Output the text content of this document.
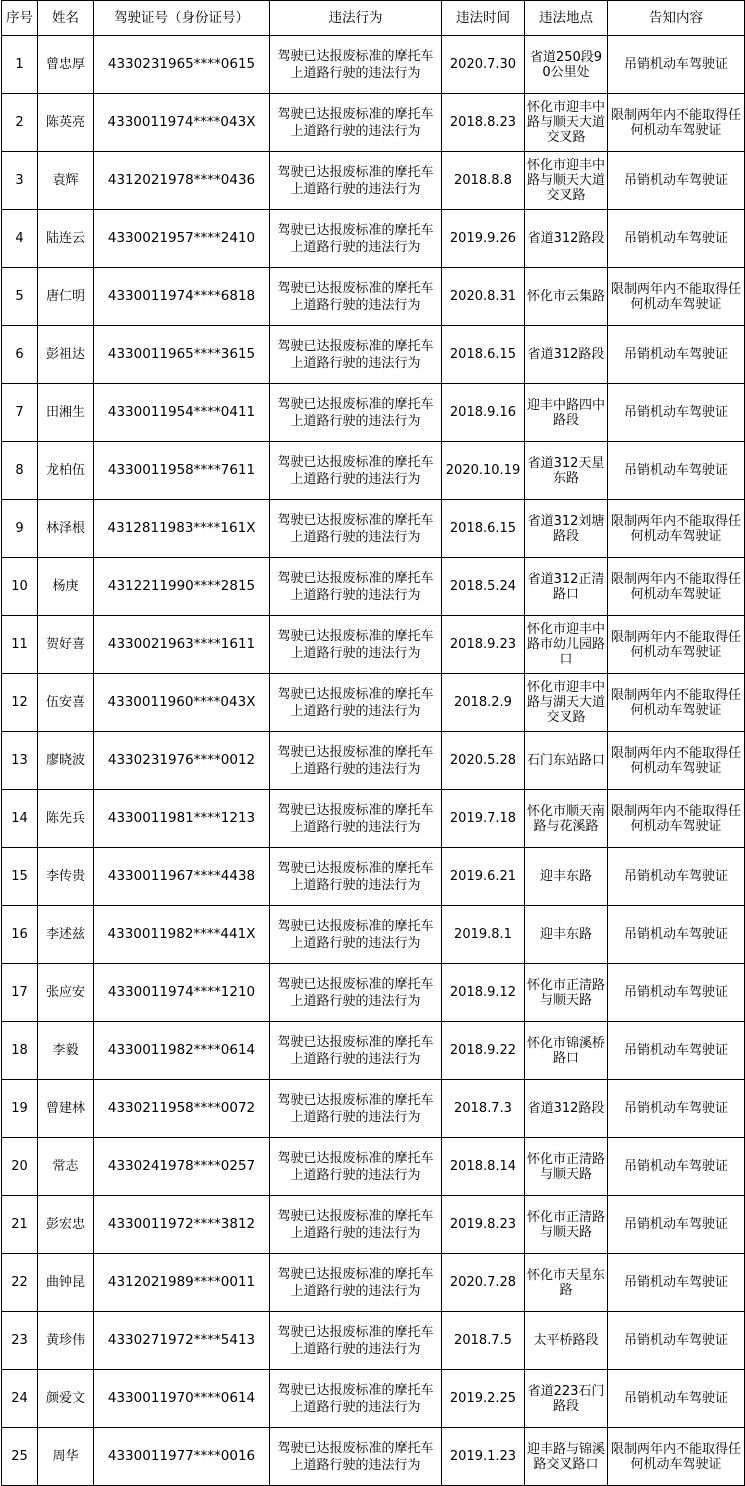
序号	姓名	驾驶证号（身份证号）	违法行为	违法时间	违法地点	告知内容
1	曾忠厚	4330231965****0615	驾驶已达报废标准的摩托车上道路行驶的违法行为	2020.7.30	省道250段90公里处	吊销机动车驾驶证
2	陈英亮	4330011974****043X	驾驶已达报废标准的摩托车上道路行驶的违法行为	2018.8.23	怀化市迎丰中路与顺天大道交叉路	限制两年内不能取得任何机动车驾驶证
3	袁辉	4312021978****0436	驾驶已达报废标准的摩托车上道路行驶的违法行为	2018.8.8	怀化市迎丰中路与顺天大道交叉路	吊销机动车驾驶证
4	陆连云	4330021957****2410	驾驶已达报废标准的摩托车上道路行驶的违法行为	2019.9.26	省道312路段	吊销机动车驾驶证
5	唐仁明	4330011974****6818	驾驶已达报废标准的摩托车上道路行驶的违法行为	2020.8.31	怀化市云集路	限制两年内不能取得任何机动车驾驶证
6	彭祖达	4330011965****3615	驾驶已达报废标准的摩托车上道路行驶的违法行为	2018.6.15	省道312路段	吊销机动车驾驶证
7	田湘生	4330011954****0411	驾驶已达报废标准的摩托车上道路行驶的违法行为	2018.9.16	迎丰中路四中路段	吊销机动车驾驶证
8	龙柏伍	4330011958****7611	驾驶已达报废标准的摩托车上道路行驶的违法行为	2020.10.19	省道312天星东路	吊销机动车驾驶证
9	林泽根	4312811983****161X	驾驶已达报废标准的摩托车上道路行驶的违法行为	2018.6.15	省道312刘塘路段	限制两年内不能取得任何机动车驾驶证
10	杨庚	4312211990****2815	驾驶已达报废标准的摩托车上道路行驶的违法行为	2018.5.24	省道312正清路口	限制两年内不能取得任何机动车驾驶证
11	贺好喜	4330021963****1611	驾驶已达报废标准的摩托车上道路行驶的违法行为	2018.9.23	怀化市迎丰中路市幼儿园路口	限制两年内不能取得任何机动车驾驶证
12	伍安喜	4330011960****043X	驾驶已达报废标准的摩托车上道路行驶的违法行为	2018.2.9	怀化市迎丰中路与湖天大道交叉路	限制两年内不能取得任何机动车驾驶证
13	廖晓波	4330231976****0012	驾驶已达报废标准的摩托车上道路行驶的违法行为	2020.5.28	石门东站路口	限制两年内不能取得任何机动车驾驶证
14	陈先兵	4330011981****1213	驾驶已达报废标准的摩托车上道路行驶的违法行为	2019.7.18	怀化市顺天南路与花溪路	限制两年内不能取得任何机动车驾驶证
15	李传贵	4330011967****4438	驾驶已达报废标准的摩托车上道路行驶的违法行为	2019.6.21	迎丰东路	吊销机动车驾驶证
16	李述兹	4330011982****441X	驾驶已达报废标准的摩托车上道路行驶的违法行为	2019.8.1	迎丰东路	吊销机动车驾驶证
17	张应安	4330011974****1210	驾驶已达报废标准的摩托车上道路行驶的违法行为	2018.9.12	怀化市正清路与顺天路	吊销机动车驾驶证
18	李毅	4330011982****0614	驾驶已达报废标准的摩托车上道路行驶的违法行为	2018.9.22	怀化市锦溪桥路口	吊销机动车驾驶证
19	曾建林	4330211958****0072	驾驶已达报废标准的摩托车上道路行驶的违法行为	2018.7.3	省道312路段	吊销机动车驾驶证
20	常志	4330241978****0257	驾驶已达报废标准的摩托车上道路行驶的违法行为	2018.8.14	怀化市正清路与顺天路	吊销机动车驾驶证
21	彭宏忠	4330011972****3812	驾驶已达报废标准的摩托车上道路行驶的违法行为	2019.8.23	怀化市正清路与顺天路	吊销机动车驾驶证
22	曲钟昆	4312021989****0011	驾驶已达报废标准的摩托车上道路行驶的违法行为	2020.7.28	怀化市天星东路	吊销机动车驾驶证
23	黄珍伟	4330271972****5413	驾驶已达报废标准的摩托车上道路行驶的违法行为	2018.7.5	太平桥路段	吊销机动车驾驶证
24	颜爱文	4330011970****0614	驾驶已达报废标准的摩托车上道路行驶的违法行为	2019.2.25	省道223石门路段	吊销机动车驾驶证
25	周华	4330011977****0016	驾驶已达报废标准的摩托车上道路行驶的违法行为	2019.1.23	迎丰路与锦溪路交叉路口	限制两年内不能取得任何机动车驾驶证
